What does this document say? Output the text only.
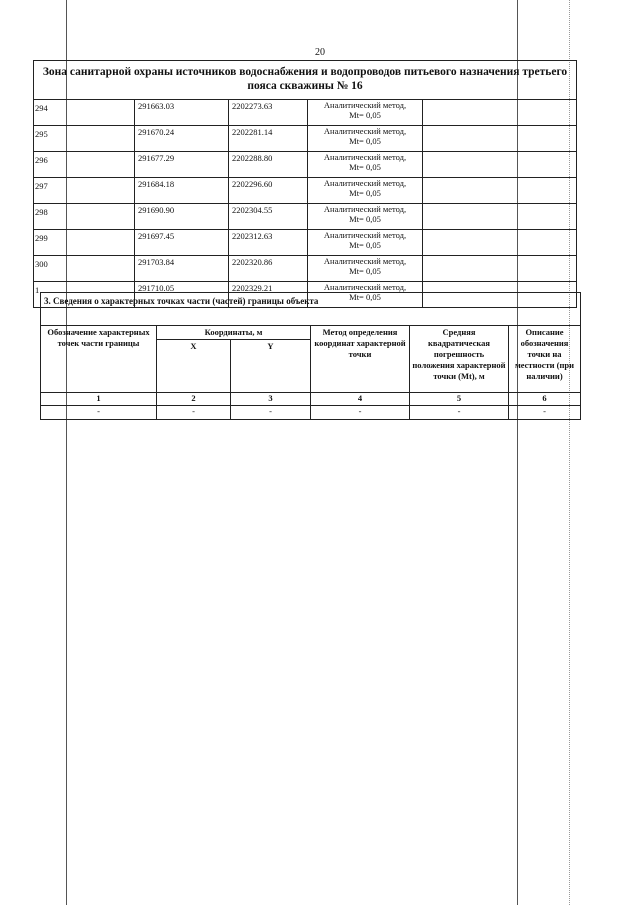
20
Зона санитарной охраны источников водоснабжения и водопроводов питьевого назначения третьего пояса скважины № 16				
294	291663.03	2202273.63	Аналитический метод,
Mt= 0,05	

295	291670.24	2202281.14	Аналитический метод,
Mt= 0,05	

296	291677.29	2202288.80	Аналитический метод,
Mt= 0,05	

297	291684.18	2202296.60	Аналитический метод,
Mt= 0,05	

298	291690.90	2202304.55	Аналитический метод,
Mt= 0,05	

299	291697.45	2202312.63	Аналитический метод,
Mt= 0,05	

300	291703.84	2202320.86	Аналитический метод,
Mt= 0,05	

1	291710.05	2202329.21	Аналитический метод,
Mt= 0,05	

3. Сведения о характерных точках части (частей) границы объекта					
Обозначение характерных точек части границы	Координаты, м		Метод определения координат характерной точки	Средняя квадратическая погрешность положения характерной точки (Mt), м	Описание обозначения точки на местности (при наличии)
	X	Y			
1	2	3	4	5	6
-	-	-	-	-	-
